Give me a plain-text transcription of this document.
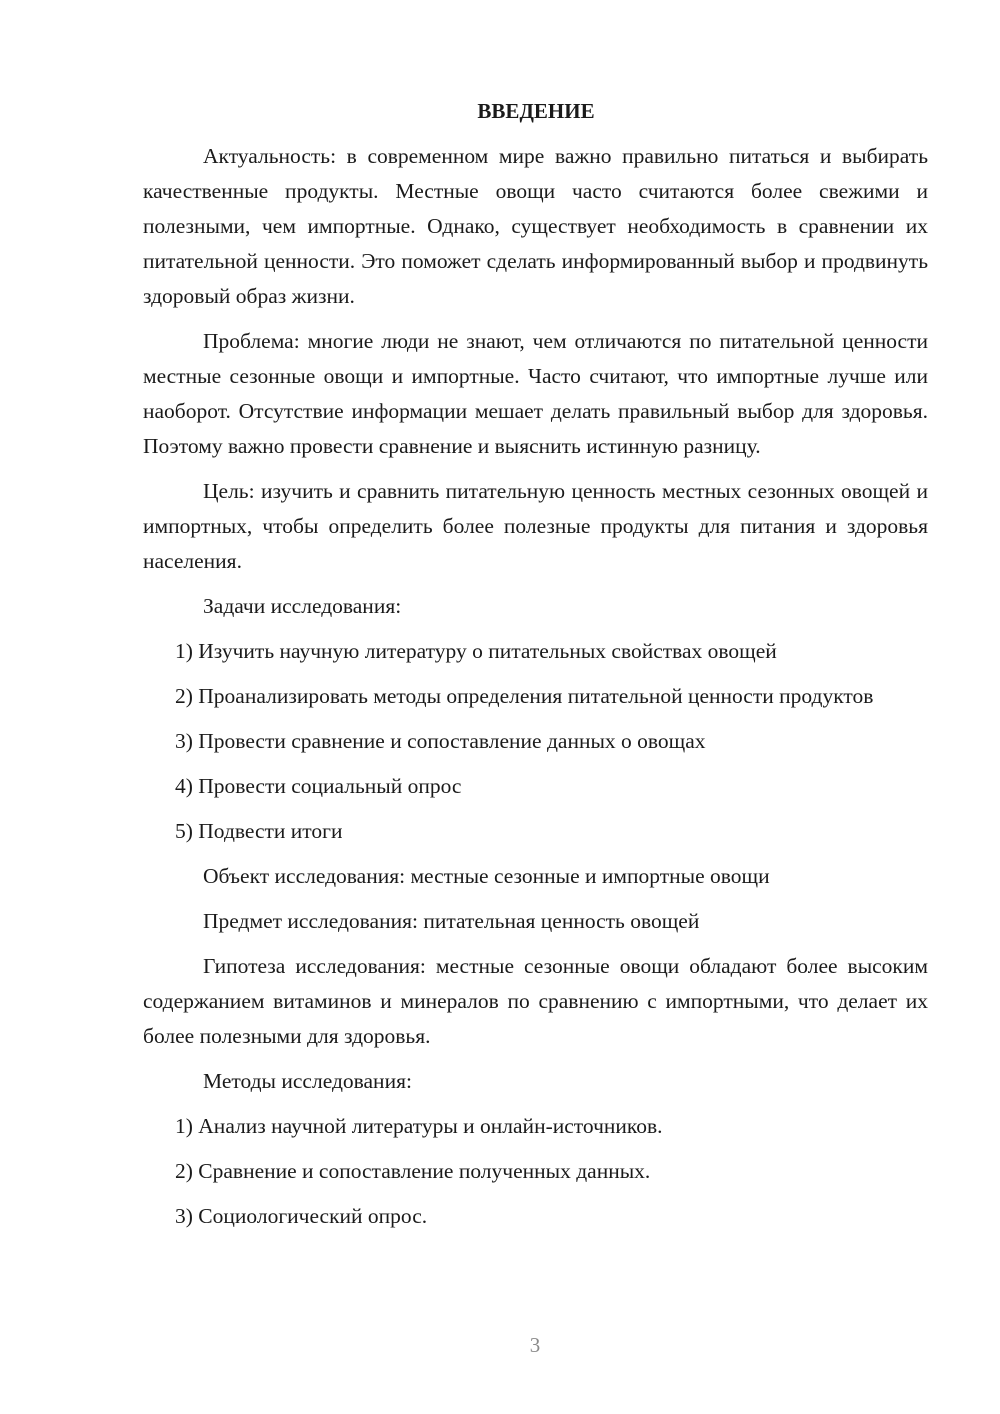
ВВЕДЕНИЕ

Актуальность: в современном мире важно правильно питаться и выбирать качественные продукты. Местные овощи часто считаются более свежими и полезными, чем импортные. Однако, существует необходимость в сравнении их питательной ценности. Это поможет сделать информированный выбор и продвинуть здоровый образ жизни.

Проблема: многие люди не знают, чем отличаются по питательной ценности местные сезонные овощи и импортные. Часто считают, что импортные лучше или наоборот. Отсутствие информации мешает делать правильный выбор для здоровья. Поэтому важно провести сравнение и выяснить истинную разницу.

Цель: изучить и сравнить питательную ценность местных сезонных овощей и импортных, чтобы определить более полезные продукты для питания и здоровья населения.

Задачи исследования:

1) Изучить научную литературу о питательных свойствах овощей

2) Проанализировать методы определения питательной ценности продуктов

3) Провести сравнение и сопоставление данных о овощах

4) Провести социальный опрос

5) Подвести итоги

Объект исследования: местные сезонные и импортные овощи

Предмет исследования: питательная ценность овощей

Гипотеза исследования: местные сезонные овощи обладают более высоким содержанием витаминов и минералов по сравнению с импортными, что делает их более полезными для здоровья.

Методы исследования:

1) Анализ научной литературы и онлайн-источников.

2) Сравнение и сопоставление полученных данных.

3) Социологический опрос.

3
